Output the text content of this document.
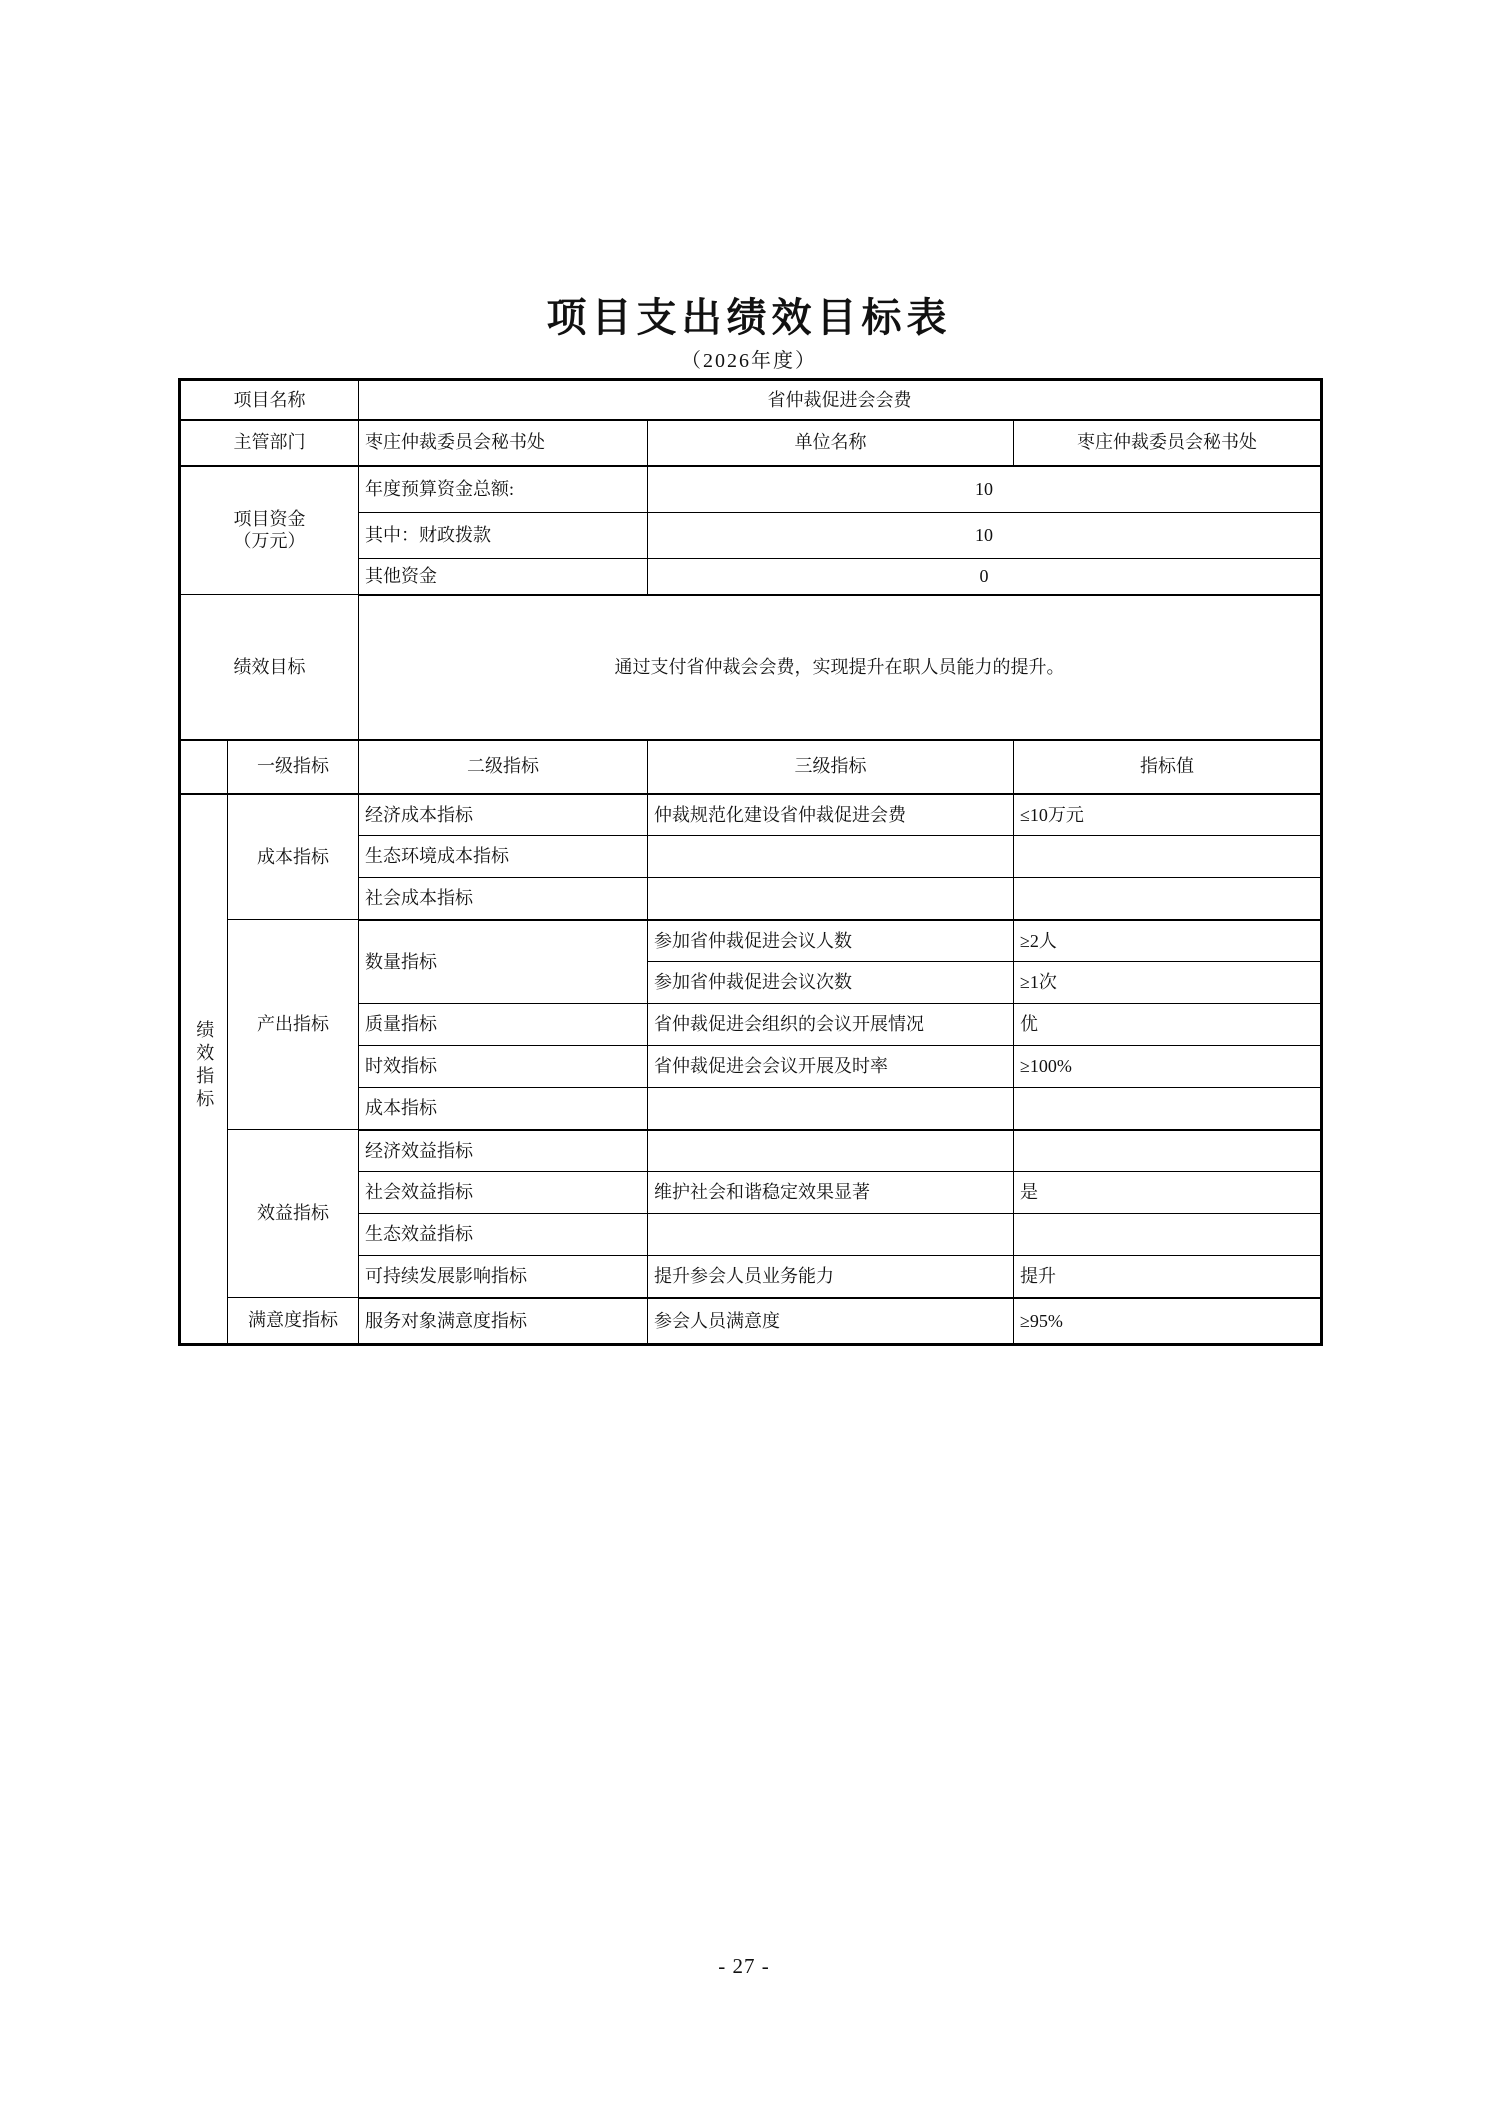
项目支出绩效目标表
（2026年度）
项目名称		省仲裁促进会会费		
主管部门		枣庄仲裁委员会秘书处	单位名称	枣庄仲裁委员会秘书处
项目资金
（万元）		年度预算资金总额:	10	
		其中：财政拨款	10	
		其他资金	0	
绩效目标		通过支付省仲裁会会费，实现提升在职人员能力的提升。		
	一级指标	二级指标	三级指标	指标值
绩效指标	成本指标	经济成本指标	仲裁规范化建设省仲裁促进会费	≤10万元
		生态环境成本指标		
		社会成本指标		
	产出指标	数量指标	参加省仲裁促进会议人数	≥2人
			参加省仲裁促进会议次数	≥1次
		质量指标	省仲裁促进会组织的会议开展情况	优
		时效指标	省仲裁促进会会议开展及时率	≥100%
		成本指标		
	效益指标	经济效益指标		
		社会效益指标	维护社会和谐稳定效果显著	是
		生态效益指标		
		可持续发展影响指标	提升参会人员业务能力	提升
	满意度指标	服务对象满意度指标	参会人员满意度	≥95%
- 27 -
